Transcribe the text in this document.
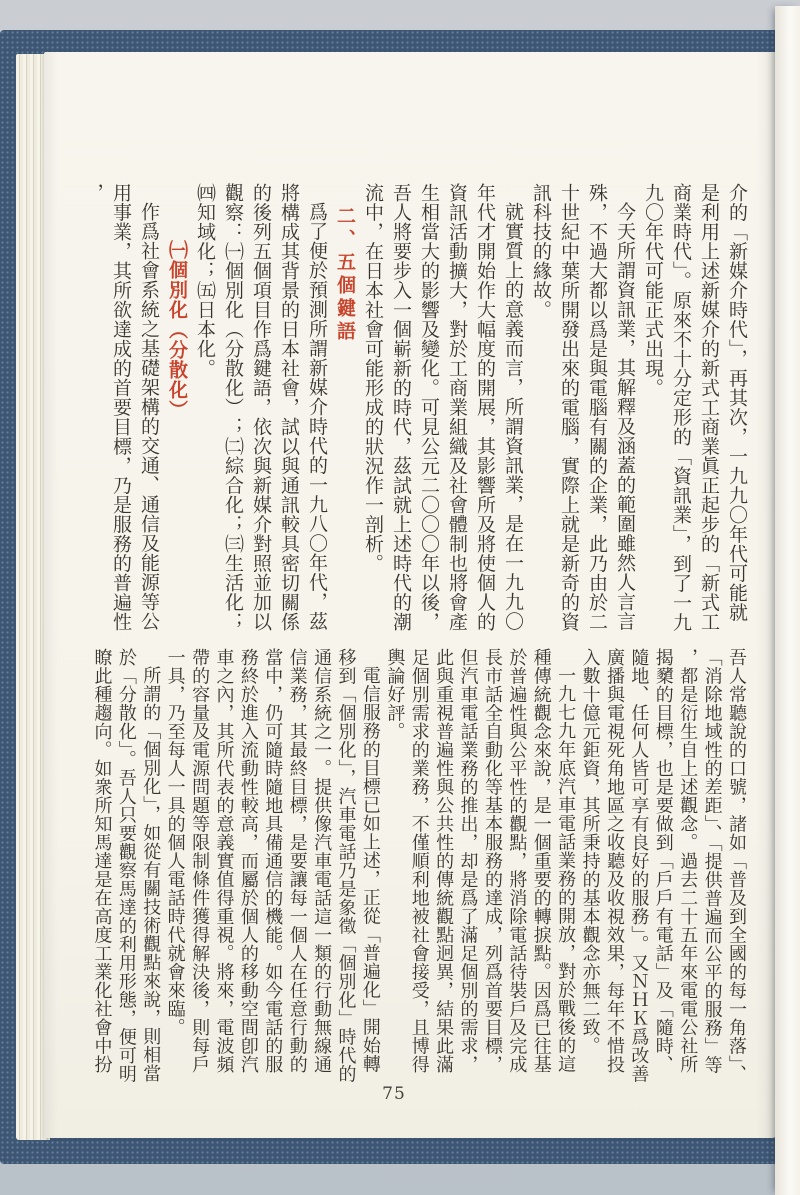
介的「新媒介時代」，再其次，一九九〇年代可能就是利用上述新媒介的新式工商業眞正起步的「新式工商業時代」。原來不十分定形的「資訊業」，到了一九九〇年代可能正式出現。

今天所謂資訊業，其解釋及涵蓋的範圍雖然人言言殊，不過大都以爲是與電腦有關的企業，此乃由於二十世紀中葉所開發出來的電腦，實際上就是新奇的資訊科技的緣故。

就實質上的意義而言，所謂資訊業，是在一九九〇年代才開始作大幅度的開展，其影響所及將使個人的資訊活動擴大，對於工商業組織及社會體制也將會產生相當大的影響及變化。可見公元二〇〇〇年以後，吾人將要步入一個嶄新的時代，茲試就上述時代的潮流中，在日本社會可能形成的狀況作一剖析。

二、五個鍵語

爲了便於預測所謂新媒介時代的一九八〇年代，茲將構成其背景的日本社會，試以與通訊較具密切關係的後列五個項目作爲鍵語，依次與新媒介對照並加以觀察：㈠個別化（分散化）；㈡綜合化；㈢生活化；㈣知域化；㈤日本化。

㈠個別化（分散化）

作爲社會系統之基礎架構的交通、通信及能源等公用事業，其所欲達成的首要目標，乃是服務的普遍性，

吾人常聽說的口號，諸如「普及到全國的每一角落」、「消除地域性的差距」、「提供普遍而公平的服務」等，都是衍生自上述觀念。過去二十五年來電電公社所揭櫫的目標，也是要做到「戶戶有電話」及「隨時、隨地、任何人皆可享有良好的服務」。又ＮＨＫ爲改善廣播與電視死角地區之收聽及收視效果，每年不惜投入數十億元鉅資，其所秉持的基本觀念亦無二致。

一九七九年底汽車電話業務的開放，對於戰後的這種傳統觀念來說，是一個重要的轉捩點。因爲已往基於普遍性與公平性的觀點，將消除電話待裝戶及完成長市話全自動化等基本服務的達成，列爲首要目標，但汽車電話業務的推出，却是爲了滿足個別的需求，此與重視普遍性與公共性的傳統觀點迥異，結果此滿足個別需求的業務，不僅順利地被社會接受，且博得輿論好評。

電信服務的目標已如上述，正從「普遍化」開始轉移到「個別化」，汽車電話乃是象徵「個別化」時代的通信系統之一。提供像汽車電話這一類的行動無線通信業務，其最終目標，是要讓每一個人在任意行動的當中，仍可隨時隨地具備通信的機能。如今電話的服務終於進入流動性較高，而屬於個人的移動空間卽汽車之內，其所代表的意義實值得重視。將來，電波頻帶的容量及電源問題等限制條件獲得解決後，則每戶一具，乃至每人一具的個人電話時代就會來臨。

所謂的「個別化」，如從有關技術觀點來說，則相當於「分散化」。吾人只要觀察馬達的利用形態，便可明瞭此種趨向。如衆所知馬達是在高度工業化社會中扮

75
